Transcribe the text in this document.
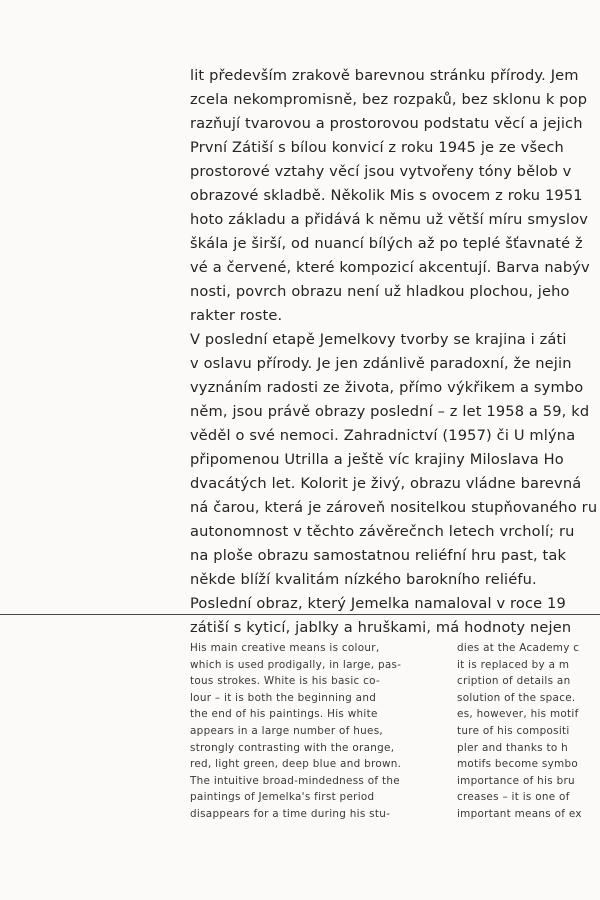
lit především zrakově barevnou stránku přírody. Jem
zcela nekompromisně, bez rozpaků, bez sklonu k pop
razňují tvarovou a prostorovou podstatu věcí a jejich
První Zátiší s bílou konvicí z roku 1945 je ze všech
prostorové vztahy věcí jsou vytvořeny tóny bělob v
obrazové skladbě. Několik Mis s ovocem z roku 1951
hoto základu a přidává k němu už větší míru smyslov
škála je širší, od nuancí bílých až po teplé šťavnaté ž
vé a červené, které kompozicí akcentují. Barva nabýv
nosti, povrch obrazu není už hladkou plochou, jeho
rakter roste.
V poslední etapě Jemelkovy tvorby se krajina i záti
v oslavu přírody. Je jen zdánlivě paradoxní, že nejin
vyznáním radosti ze života, přímo výkřikem a symbo
něm, jsou právě obrazy poslední – z let 1958 a 59, kd
věděl o své nemoci. Zahradnictví (1957) či U mlýna
připomenou Utrilla a ještě víc krajiny Miloslava Ho
dvacátých let. Kolorit je živý, obrazu vládne barevná
ná čarou, která je zároveň nositelkou stupňovaného ru
autonomnost v těchto závěrečnch letech vrcholí; ru
na ploše obrazu samostatnou reliéfní hru past, tak
někde blíží kvalitám nízkého barokního reliéfu.
Poslední obraz, který Jemelka namaloval v roce 19
zátiší s kyticí, jablky a hruškami, má hodnoty nejen
His main creative means is colour,
which is used prodigally, in large, pas-
tous strokes. White is his basic co-
lour – it is both the beginning and
the end of his paintings. His white
appears in a large number of hues,
strongly contrasting with the orange,
red, light green, deep blue and brown.
The intuitive broad-mindedness of the
paintings of Jemelka's first period
disappears for a time during his stu-
dies at the Academy c
it is replaced by a m
cription of details an
solution of the space.
es, however, his motif
ture of his compositi
pler and thanks to h
motifs become symbo
importance of his bru
creases – it is one of
important means of ex
